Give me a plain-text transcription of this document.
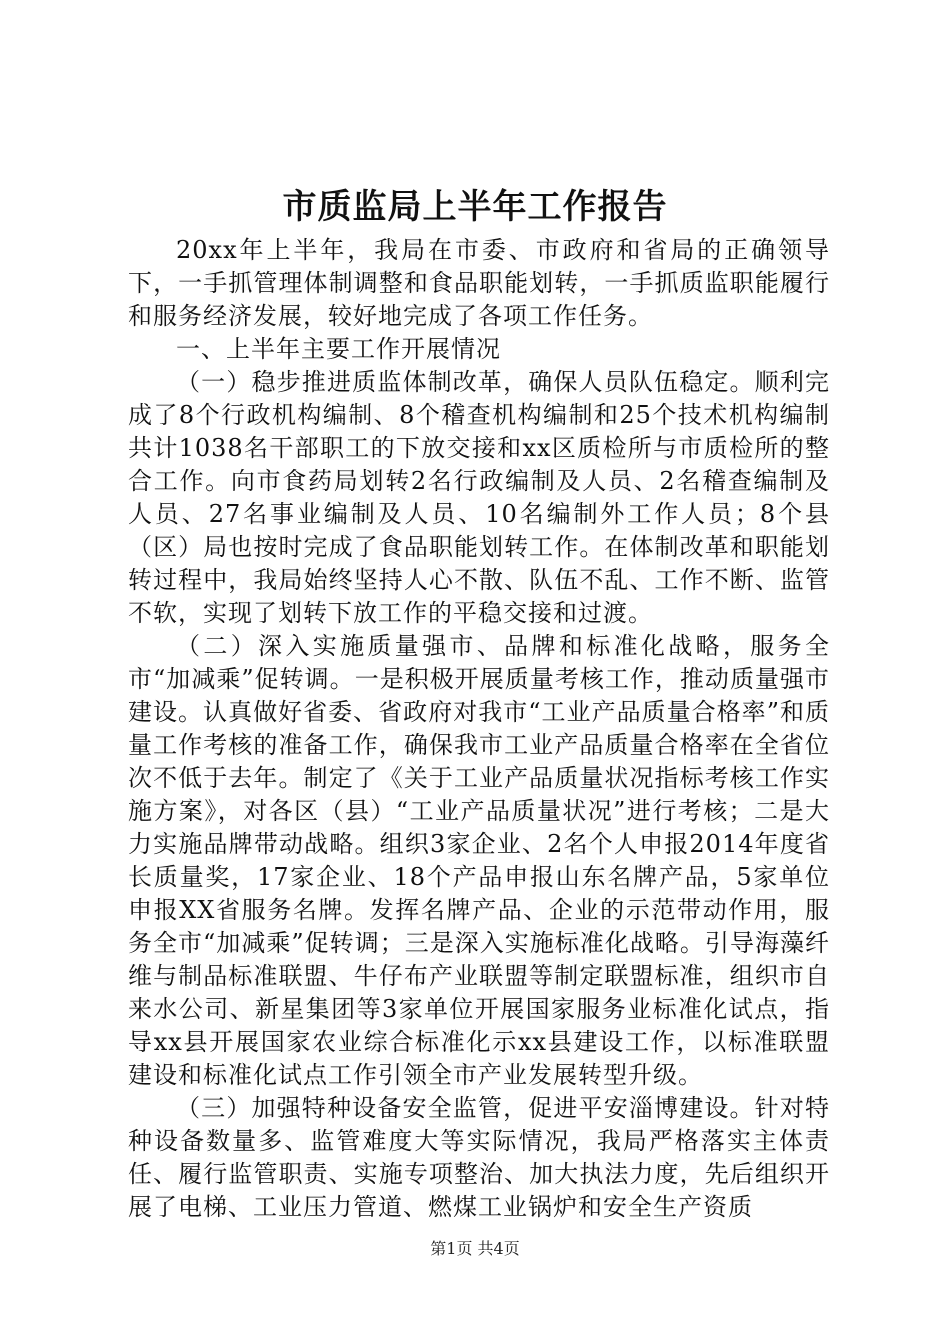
市质监局上半年工作报告

20xx年上半年，我局在市委、市政府和省局的正确领导下，一手抓管理体制调整和食品职能划转，一手抓质监职能履行和服务经济发展，较好地完成了各项工作任务。

一、上半年主要工作开展情况

（一）稳步推进质监体制改革，确保人员队伍稳定。顺利完成了8个行政机构编制、8个稽查机构编制和25个技术机构编制共计1038名干部职工的下放交接和xx区质检所与市质检所的整合工作。向市食药局划转2名行政编制及人员、2名稽查编制及人员、27名事业编制及人员、10名编制外工作人员；8个县（区）局也按时完成了食品职能划转工作。在体制改革和职能划转过程中，我局始终坚持人心不散、队伍不乱、工作不断、监管不软，实现了划转下放工作的平稳交接和过渡。

（二）深入实施质量强市、品牌和标准化战略，服务全市“加减乘”促转调。一是积极开展质量考核工作，推动质量强市建设。认真做好省委、省政府对我市“工业产品质量合格率”和质量工作考核的准备工作，确保我市工业产品质量合格率在全省位次不低于去年。制定了《关于工业产品质量状况指标考核工作实施方案》，对各区（县）“工业产品质量状况”进行考核；二是大力实施品牌带动战略。组织3家企业、2名个人申报2014年度省长质量奖，17家企业、18个产品申报山东名牌产品，5家单位申报XX省服务名牌。发挥名牌产品、企业的示范带动作用，服务全市“加减乘”促转调；三是深入实施标准化战略。引导海藻纤维与制品标准联盟、牛仔布产业联盟等制定联盟标准，组织市自来水公司、新星集团等3家单位开展国家服务业标准化试点，指导xx县开展国家农业综合标准化示xx县建设工作，以标准联盟建设和标准化试点工作引领全市产业发展转型升级。

（三）加强特种设备安全监管，促进平安淄博建设。针对特种设备数量多、监管难度大等实际情况，我局严格落实主体责任、履行监管职责、实施专项整治、加大执法力度，先后组织开展了电梯、工业压力管道、燃煤工业锅炉和安全生产资质

第1页 共4页
